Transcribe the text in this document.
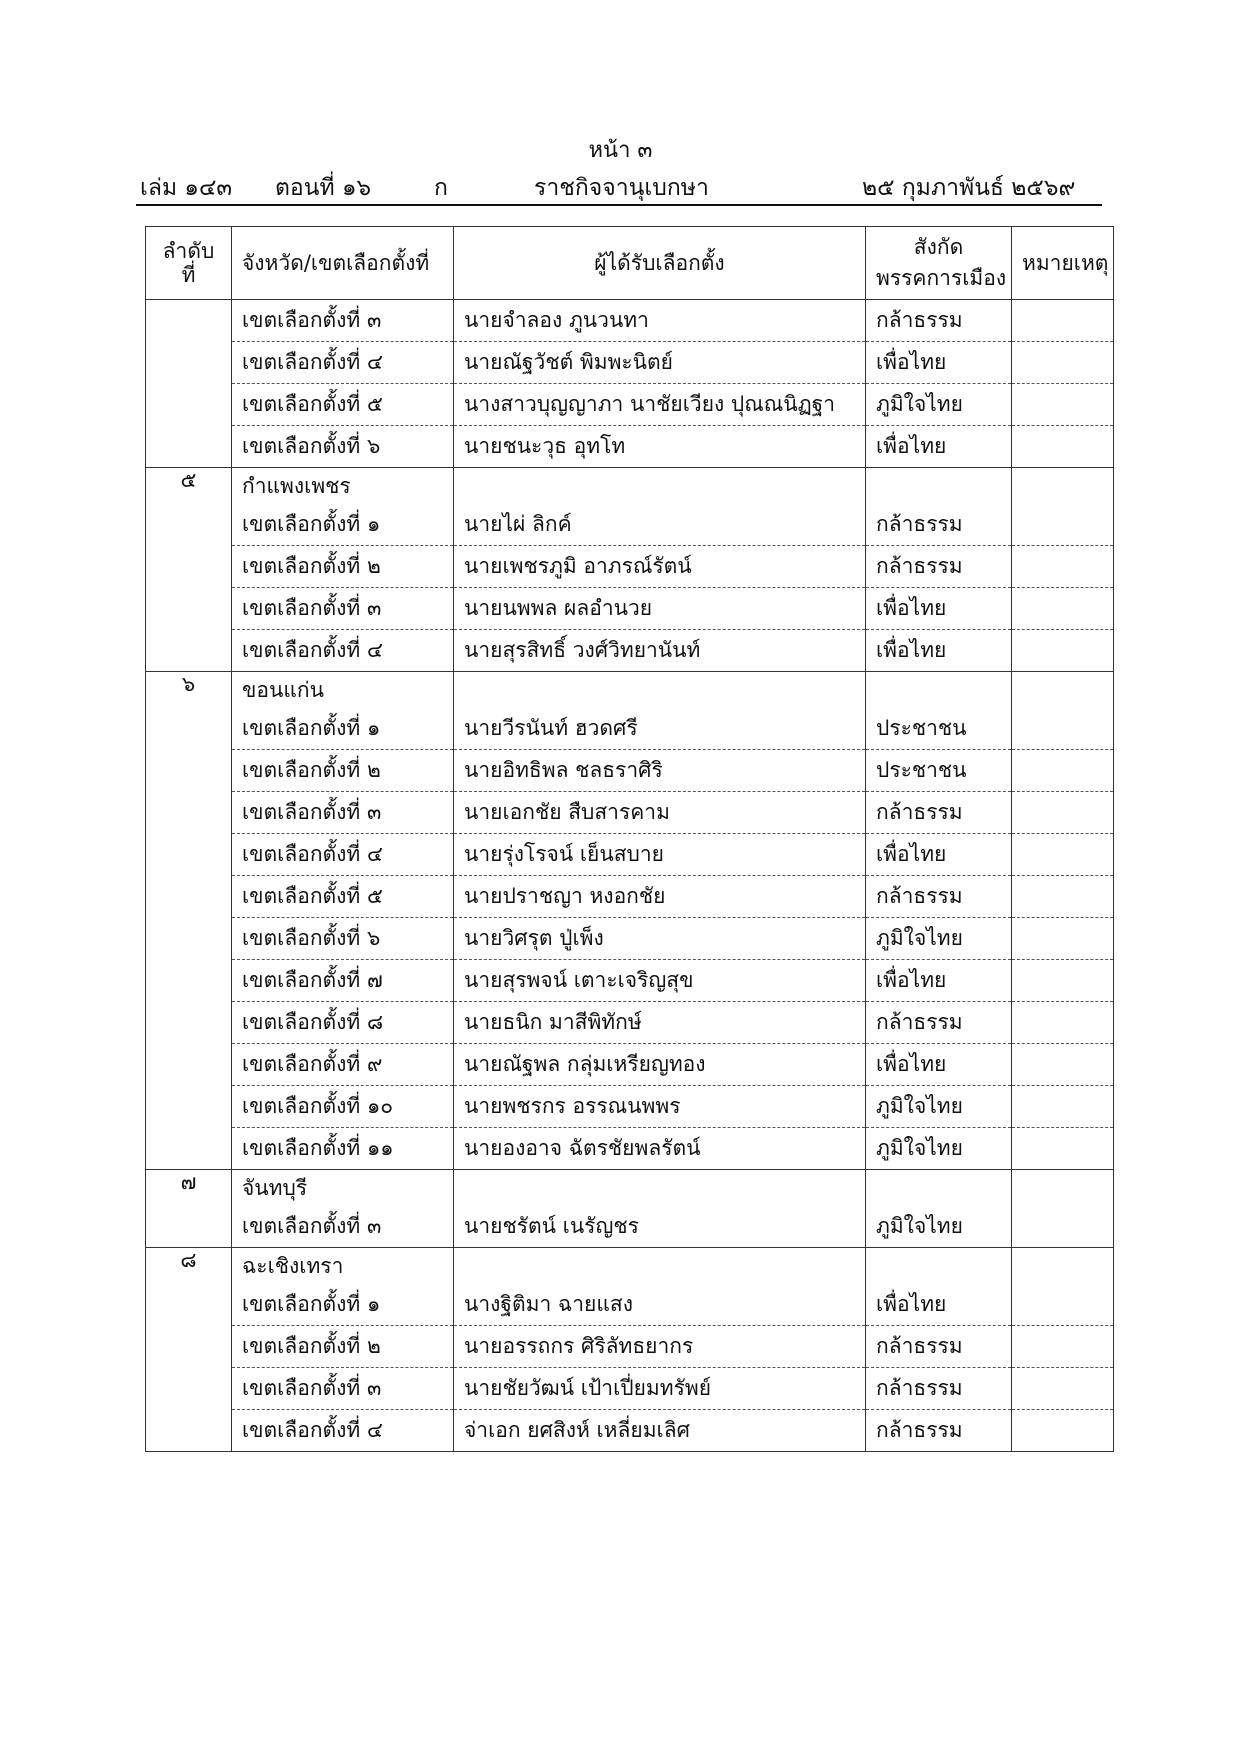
หน้า ๓
เล่ม ๑๔๓ ตอนที่ ๑๖	ก	ราชกิจจานุเบกษา	๒๕ กุมภาพันธ์ ๒๕๖๙
ลำดับที่	จังหวัด/เขตเลือกตั้งที่	ผู้ได้รับเลือกตั้ง	สังกัด
พรรคการเมือง	หมายเหตุ
	เขตเลือกตั้งที่ ๓	นายจำลอง ภูนวนทา	กล้าธรรม	
	เขตเลือกตั้งที่ ๔	นายณัฐวัชต์ พิมพะนิตย์	เพื่อไทย	
	เขตเลือกตั้งที่ ๕	นางสาวบุญญาภา นาชัยเวียง ปุณณนิฏฐา	ภูมิใจไทย	
	เขตเลือกตั้งที่ ๖	นายชนะวุธ อุทโท	เพื่อไทย	
๕	กำแพงเพชร			
	เขตเลือกตั้งที่ ๑	นายไผ่ ลิกค์	กล้าธรรม	
	เขตเลือกตั้งที่ ๒	นายเพชรภูมิ อาภรณ์รัตน์	กล้าธรรม	
	เขตเลือกตั้งที่ ๓	นายนพพล ผลอำนวย	เพื่อไทย	
	เขตเลือกตั้งที่ ๔	นายสุรสิทธิ์ วงศ์วิทยานันท์	เพื่อไทย	
๖	ขอนแก่น			
	เขตเลือกตั้งที่ ๑	นายวีรนันท์ ฮวดศรี	ประชาชน	
	เขตเลือกตั้งที่ ๒	นายอิทธิพล ชลธราศิริ	ประชาชน	
	เขตเลือกตั้งที่ ๓	นายเอกชัย สืบสารคาม	กล้าธรรม	
	เขตเลือกตั้งที่ ๔	นายรุ่งโรจน์ เย็นสบาย	เพื่อไทย	
	เขตเลือกตั้งที่ ๕	นายปราชญา หงอกชัย	กล้าธรรม	
	เขตเลือกตั้งที่ ๖	นายวิศรุต ปู่เพ็ง	ภูมิใจไทย	
	เขตเลือกตั้งที่ ๗	นายสุรพจน์ เตาะเจริญสุข	เพื่อไทย	
	เขตเลือกตั้งที่ ๘	นายธนิก มาสีพิทักษ์	กล้าธรรม	
	เขตเลือกตั้งที่ ๙	นายณัฐพล กลุ่มเหรียญทอง	เพื่อไทย	
	เขตเลือกตั้งที่ ๑๐	นายพชรกร อรรณนพพร	ภูมิใจไทย	
	เขตเลือกตั้งที่ ๑๑	นายองอาจ ฉัตรชัยพลรัตน์	ภูมิใจไทย	
๗	จันทบุรี			
	เขตเลือกตั้งที่ ๓	นายชรัตน์ เนรัญชร	ภูมิใจไทย	
๘	ฉะเชิงเทรา			
	เขตเลือกตั้งที่ ๑	นางฐิติมา ฉายแสง	เพื่อไทย	
	เขตเลือกตั้งที่ ๒	นายอรรถกร ศิริลัทธยากร	กล้าธรรม	
	เขตเลือกตั้งที่ ๓	นายชัยวัฒน์ เป้าเปี่ยมทรัพย์	กล้าธรรม	
	เขตเลือกตั้งที่ ๔	จ่าเอก ยศสิงห์ เหลี่ยมเลิศ	กล้าธรรม	
